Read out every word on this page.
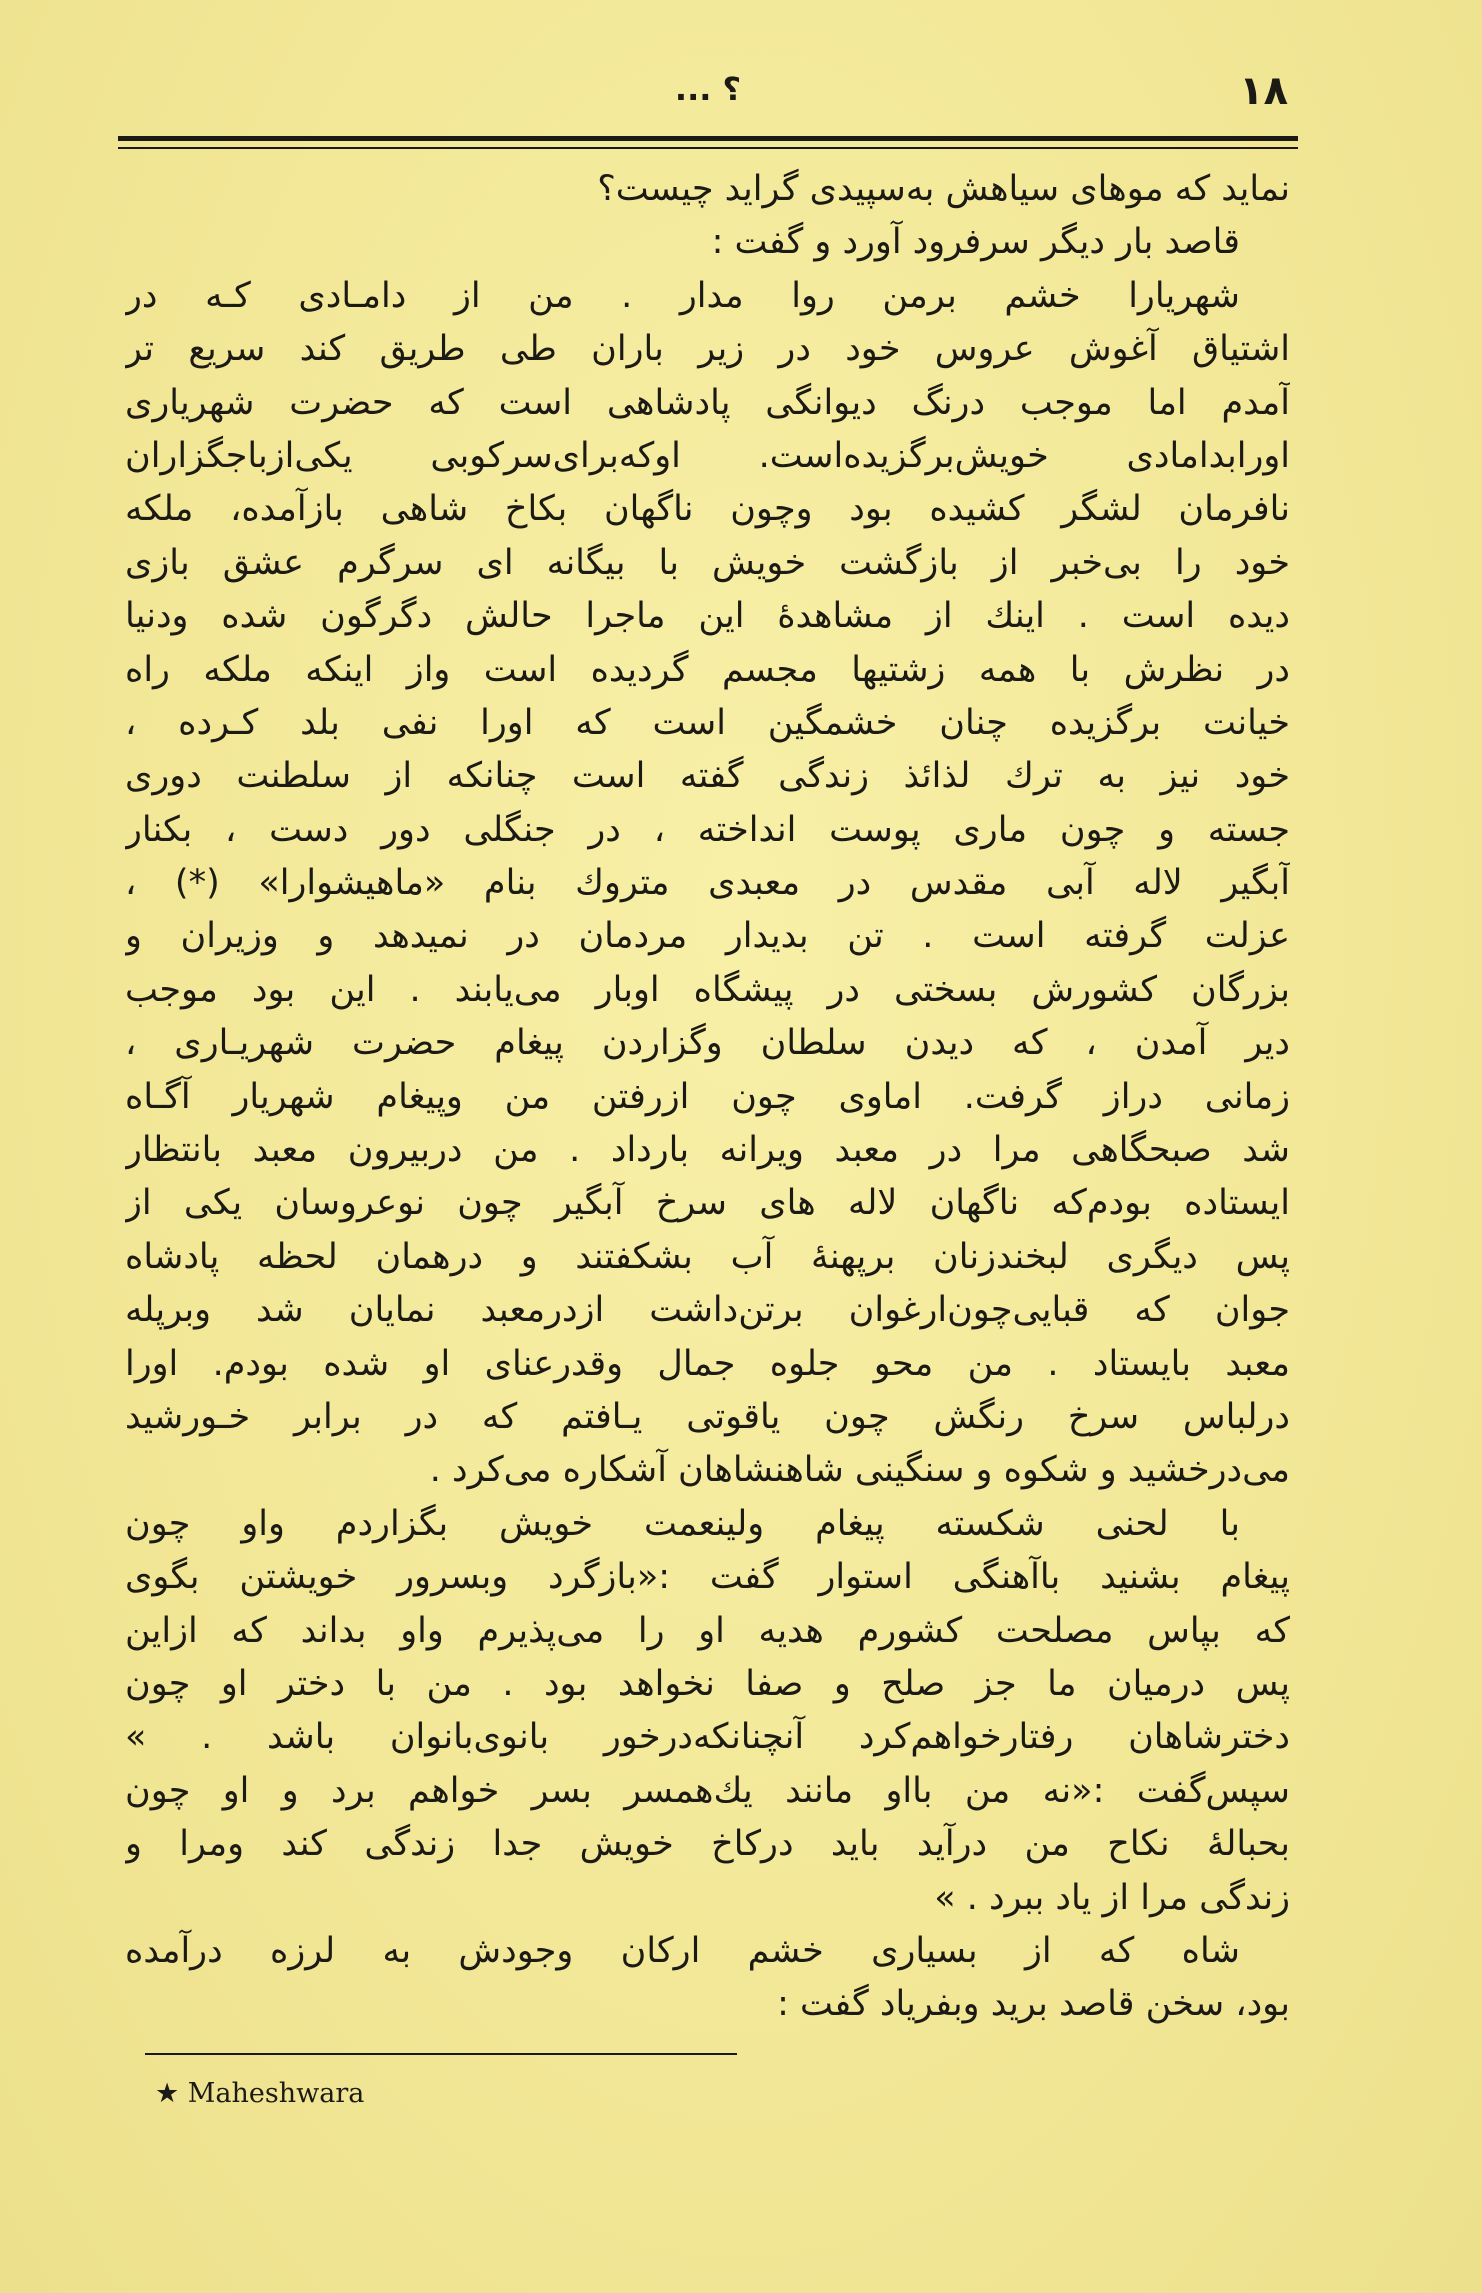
۱۸
؟ ...
نماید که موهای سیاهش به‌سپیدی گراید چیست؟
قاصد بار دیگر سرفرود آورد و گفت :
شهریارا خشم برمن روا مدار . من از دامـادی کـه در
اشتیاق آغوش عروس خود در زیر باران طی طریق کند سریع تر
آمدم اما موجب درنگ دیوانگی پادشاهی است که حضرت شهریاری
اورابدامادی خویش‌برگزیده‌است. اوکه‌برای‌سرکوبی یکی‌ازباجگزاران
نافرمان لشگر کشیده بود وچون ناگهان بکاخ شاهی بازآمده، ملکه
خود را بی‌خبر از بازگشت خویش با بیگانه ای سرگرم عشق بازی
دیده است . اینك از مشاهدهٔ این ماجرا حالش دگرگون شده ودنیا
در نظرش با همه زشتیها مجسم گردیده است واز اینکه ملکه راه
خیانت برگزیده چنان خشمگین است که اورا نفی بلد کـرده ،
خود نیز به ترك لذائذ زندگی گفته است چنانکه از سلطنت دوری
جسته و چون ماری پوست انداخته ، در جنگلی دور دست ، بکنار
آبگیر لاله آبی مقدس در معبدی متروك بنام «ماهیشوارا» (*) ،
عزلت گرفته است . تن بدیدار مردمان در نمیدهد و وزیران و
بزرگان کشورش بسختی در پیشگاه اوبار می‌یابند . این بود موجب
دیر آمدن ، که دیدن سلطان وگزاردن پیغام حضرت شهریـاری ،
زمانی دراز گرفت. اماوی چون ازرفتن من وپیغام شهریار آگـاه
شد صبحگاهی مرا در معبد ویرانه بارداد . من دربیرون معبد بانتظار
ایستاده بودم‌که ناگهان لاله های سرخ آبگیر چون نوعروسان یکی از
پس دیگری لبخندزنان برپهنهٔ آب بشکفتند و درهمان لحظه پادشاه
جوان که قبایی‌چون‌ارغوان برتن‌داشت ازدرمعبد نمایان شد وبرپله
معبد بایستاد . من محو جلوه جمال وقدرعنای او شده بودم. اورا
درلباس سرخ رنگش چون یاقوتی یـافتم که در برابر خـورشید
می‌درخشید و شکوه و سنگینی شاهنشاهان آشکاره می‌کرد .
با لحنی شکسته پیغام ولینعمت خویش بگزاردم واو چون
پیغام بشنید باآهنگی استوار گفت :«بازگرد وبسرور خویشتن بگوی
که بپاس مصلحت کشورم هدیه او را می‌پذیرم واو بداند که ازاین
پس درمیان ما جز صلح و صفا نخواهد بود . من با دختر او چون
دخترشاهان رفتارخواهم‌کرد آنچنانکه‌درخور بانوی‌بانوان باشد . »
سپس‌گفت :«نه من بااو مانند یك‌همسر بسر خواهم برد و او چون
بحبالهٔ نکاح من درآید باید درکاخ خویش جدا زندگی کند ومرا و
زندگی مرا از یاد ببرد . »
شاه که از بسیاری خشم ارکان وجودش به لرزه درآمده
بود، سخن قاصد برید وبفریاد گفت :
★ Maheshwara
